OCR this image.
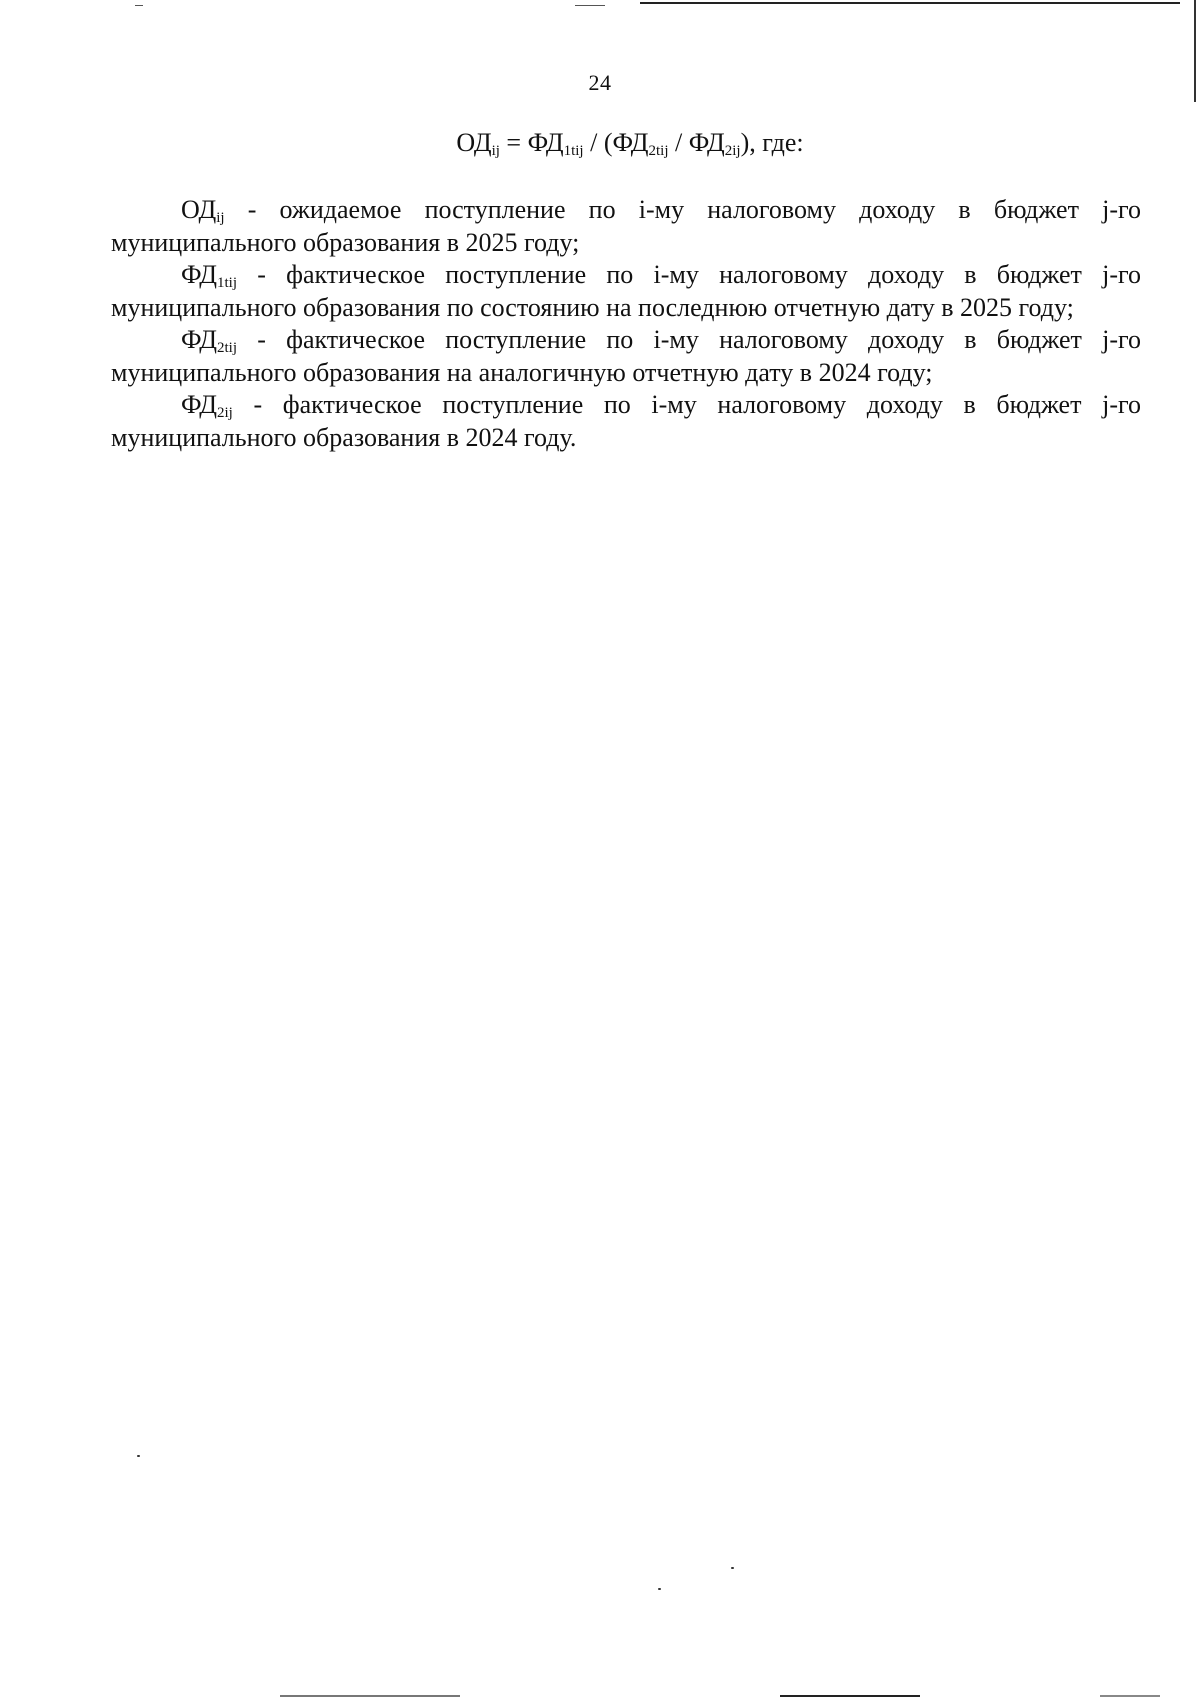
24
$ОД_{ij} = ФД_{1tij} / (ФД_{2tij} / ФД_{2ij})$, где:

$ОД_{ij}$ - ожидаемое поступление по i-му налоговому доходу в бюджет j-го муниципального образования в 2025 году;

$ФД_{1tij}$ - фактическое поступление по i-му налоговому доходу в бюджет j-го муниципального образования по состоянию на последнюю отчетную дату в 2025 году;

$ФД_{2tij}$ - фактическое поступление по i-му налоговому доходу в бюджет j-го муниципального образования на аналогичную отчетную дату в 2024 году;

$ФД_{2ij}$ - фактическое поступление по i-му налоговому доходу в бюджет j-го муниципального образования в 2024 году.
